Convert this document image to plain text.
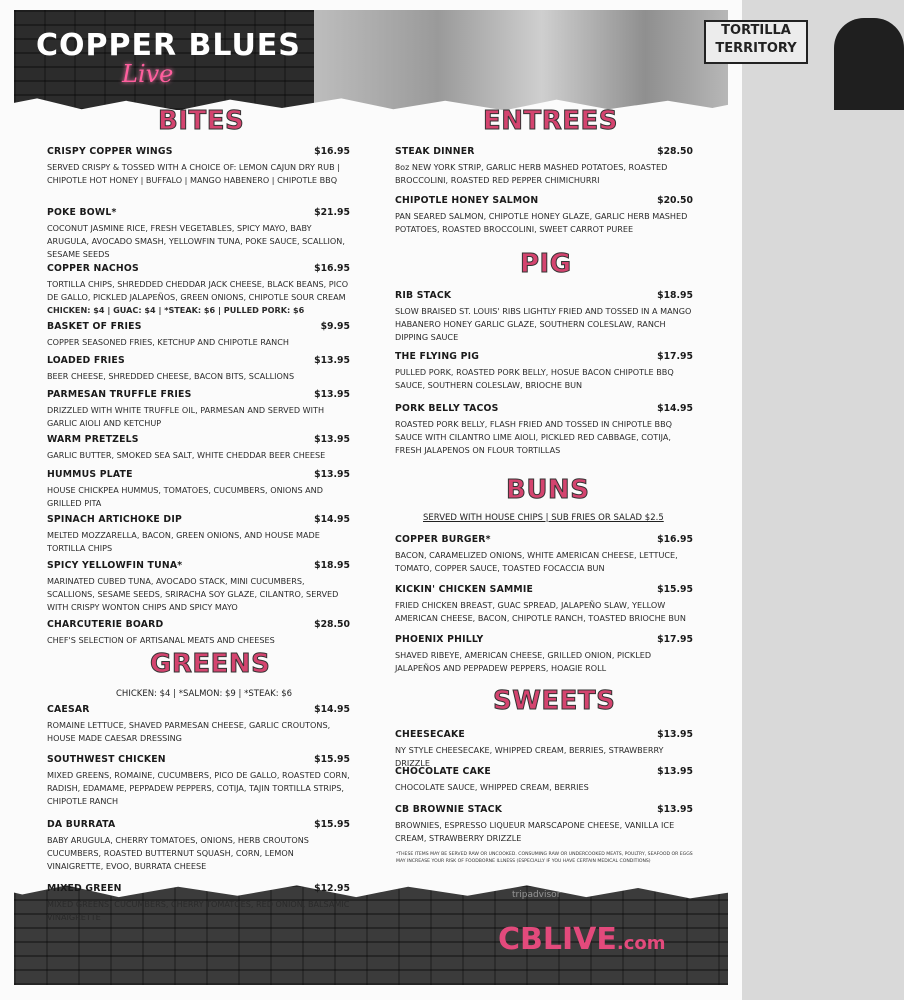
TORTILLA TERRITORY
COPPER BLUES
Live
BITES
CRISPY COPPER WINGS	$16.95
SERVED CRISPY & TOSSED WITH A CHOICE OF: LEMON CAJUN DRY RUB | CHIPOTLE HOT HONEY | BUFFALO | MANGO HABENERO | CHIPOTLE BBQ
POKE BOWL*	$21.95
COCONUT JASMINE RICE, FRESH VEGETABLES, SPICY MAYO, BABY ARUGULA, AVOCADO SMASH, YELLOWFIN TUNA, POKE SAUCE, SCALLION, SESAME SEEDS
COPPER NACHOS	$16.95
TORTILLA CHIPS, SHREDDED CHEDDAR JACK CHEESE, BLACK BEANS, PICO DE GALLO, PICKLED JALAPEÑOS, GREEN ONIONS, CHIPOTLE SOUR CREAM
CHICKEN: $4 | GUAC: $4 | *STEAK: $6 | PULLED PORK: $6
BASKET OF FRIES	$9.95
COPPER SEASONED FRIES, KETCHUP AND CHIPOTLE RANCH
LOADED FRIES	$13.95
BEER CHEESE, SHREDDED CHEESE, BACON BITS, SCALLIONS
PARMESAN TRUFFLE FRIES	$13.95
DRIZZLED WITH WHITE TRUFFLE OIL, PARMESAN AND SERVED WITH GARLIC AIOLI AND KETCHUP
WARM PRETZELS	$13.95
GARLIC BUTTER, SMOKED SEA SALT, WHITE CHEDDAR BEER CHEESE
HUMMUS PLATE	$13.95
HOUSE CHICKPEA HUMMUS, TOMATOES, CUCUMBERS, ONIONS AND GRILLED PITA
SPINACH ARTICHOKE DIP	$14.95
MELTED MOZZARELLA, BACON, GREEN ONIONS, AND HOUSE MADE TORTILLA CHIPS
SPICY YELLOWFIN TUNA*	$18.95
MARINATED CUBED TUNA, AVOCADO STACK, MINI CUCUMBERS, SCALLIONS, SESAME SEEDS, SRIRACHA SOY GLAZE, CILANTRO, SERVED WITH CRISPY WONTON CHIPS AND SPICY MAYO
CHARCUTERIE BOARD	$28.50
CHEF'S SELECTION OF ARTISANAL MEATS AND CHEESES
GREENS
CHICKEN: $4 | *SALMON: $9 | *STEAK: $6
CAESAR	$14.95
ROMAINE LETTUCE, SHAVED PARMESAN CHEESE, GARLIC CROUTONS, HOUSE MADE CAESAR DRESSING
SOUTHWEST CHICKEN	$15.95
MIXED GREENS, ROMAINE, CUCUMBERS, PICO DE GALLO, ROASTED CORN, RADISH, EDAMAME, PEPPADEW PEPPERS, COTIJA, TAJIN TORTILLA STRIPS, CHIPOTLE RANCH
DA BURRATA	$15.95
BABY ARUGULA, CHERRY TOMATOES, ONIONS, HERB CROUTONS CUCUMBERS, ROASTED BUTTERNUT SQUASH, CORN, LEMON VINAIGRETTE, EVOO, BURRATA CHEESE
MIXED GREEN	$12.95
MIXED GREENS, CUCUMBERS, CHERRY TOMATOES, RED ONION, BALSAMIC VINAIGRETTE
ENTREES
STEAK DINNER	$28.50
8oz NEW YORK STRIP, GARLIC HERB MASHED POTATOES, ROASTED BROCCOLINI, ROASTED RED PEPPER CHIMICHURRI
CHIPOTLE HONEY SALMON	$20.50
PAN SEARED SALMON, CHIPOTLE HONEY GLAZE, GARLIC HERB MASHED POTATOES, ROASTED BROCCOLINI, SWEET CARROT PUREE
PIG
RIB STACK	$18.95
SLOW BRAISED ST. LOUIS' RIBS LIGHTLY FRIED AND TOSSED IN A MANGO HABANERO HONEY GARLIC GLAZE, SOUTHERN COLESLAW, RANCH DIPPING SAUCE
THE FLYING PIG	$17.95
PULLED PORK, ROASTED PORK BELLY, HOSUE BACON CHIPOTLE BBQ SAUCE, SOUTHERN COLESLAW, BRIOCHE BUN
PORK BELLY TACOS	$14.95
ROASTED PORK BELLY, FLASH FRIED AND TOSSED IN CHIPOTLE BBQ SAUCE WITH CILANTRO LIME AIOLI, PICKLED RED CABBAGE, COTIJA, FRESH JALAPENOS ON FLOUR TORTILLAS
BUNS
SERVED WITH HOUSE CHIPS | SUB FRIES OR SALAD $2.5
COPPER BURGER*	$16.95
BACON, CARAMELIZED ONIONS, WHITE AMERICAN CHEESE, LETTUCE, TOMATO, COPPER SAUCE, TOASTED FOCACCIA BUN
KICKIN' CHICKEN SAMMIE	$15.95
FRIED CHICKEN BREAST, GUAC SPREAD, JALAPEÑO SLAW, YELLOW AMERICAN CHEESE, BACON, CHIPOTLE RANCH, TOASTED BRIOCHE BUN
PHOENIX PHILLY	$17.95
SHAVED RIBEYE, AMERICAN CHEESE, GRILLED ONION, PICKLED JALAPEÑOS AND PEPPADEW PEPPERS, HOAGIE ROLL
SWEETS
CHEESECAKE	$13.95
NY STYLE CHEESECAKE, WHIPPED CREAM, BERRIES, STRAWBERRY DRIZZLE
CHOCOLATE CAKE	$13.95
CHOCOLATE SAUCE, WHIPPED CREAM, BERRIES
CB BROWNIE STACK	$13.95
BROWNIES, ESPRESSO LIQUEUR MARSCAPONE CHEESE, VANILLA ICE CREAM, STRAWBERRY DRIZZLE
*THESE ITEMS MAY BE SERVED RAW OR UNCOOKED. CONSUMING RAW OR UNDERCOOKED MEATS, POULTRY, SEAFOOD OR EGGS MAY INCREASE YOUR RISK OF FOODBORNE ILLNESS (ESPECIALLY IF YOU HAVE CERTAIN MEDICAL CONDITIONS)
tripadvisor
CBLIVE.com
